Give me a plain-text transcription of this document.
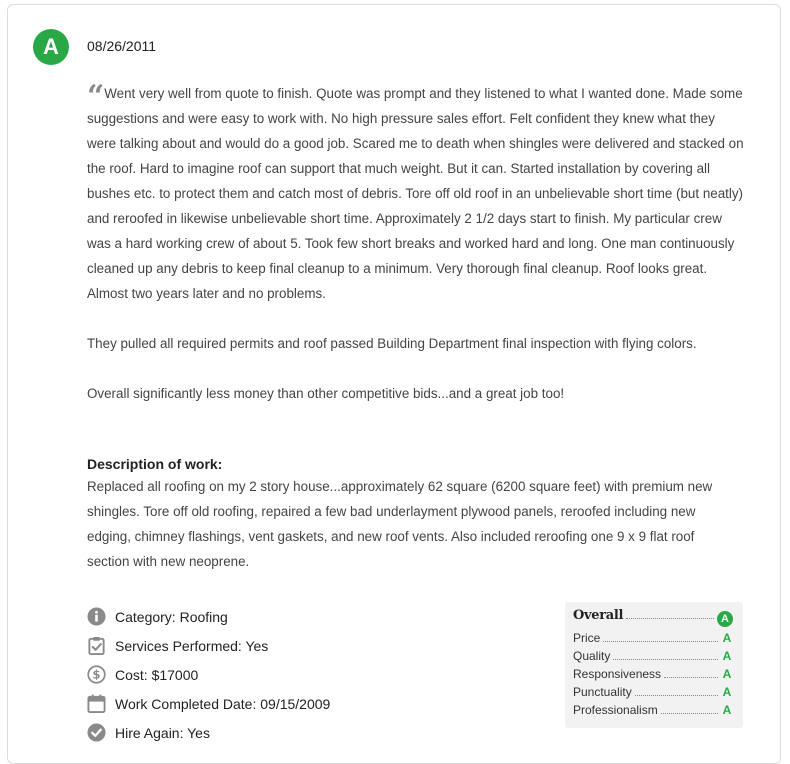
A	08/26/2011

“ Went very well from quote to finish. Quote was prompt and they listened to what I wanted done. Made some suggestions and were easy to work with. No high pressure sales effort. Felt confident they knew what they were talking about and would do a good job. Scared me to death when shingles were delivered and stacked on the roof. Hard to imagine roof can support that much weight. But it can. Started installation by covering all bushes etc. to protect them and catch most of debris. Tore off old roof in an unbelievable short time (but neatly) and reroofed in likewise unbelievable short time. Approximately 2 1/2 days start to finish. My particular crew was a hard working crew of about 5. Took few short breaks and worked hard and long. One man continuously cleaned up any debris to keep final cleanup to a minimum. Very thorough final cleanup. Roof looks great. Almost two years later and no problems.

They pulled all required permits and roof passed Building Department final inspection with flying colors.

Overall significantly less money than other competitive bids...and a great job too!

Description of work:
Replaced all roofing on my 2 story house...approximately 62 square (6200 square feet) with premium new shingles. Tore off old roofing, repaired a few bad underlayment plywood panels, reroofed including new edging, chimney flashings, vent gaskets, and new roof vents. Also included reroofing one 9 x 9 flat roof section with new neoprene.
Category: Roofing
Services Performed: Yes
$ Cost: $17000
Work Completed Date: 09/15/2009
Hire Again: Yes
Overall	A
Price	A
Quality	A
Responsiveness	A
Punctuality	A
Professionalism	A
